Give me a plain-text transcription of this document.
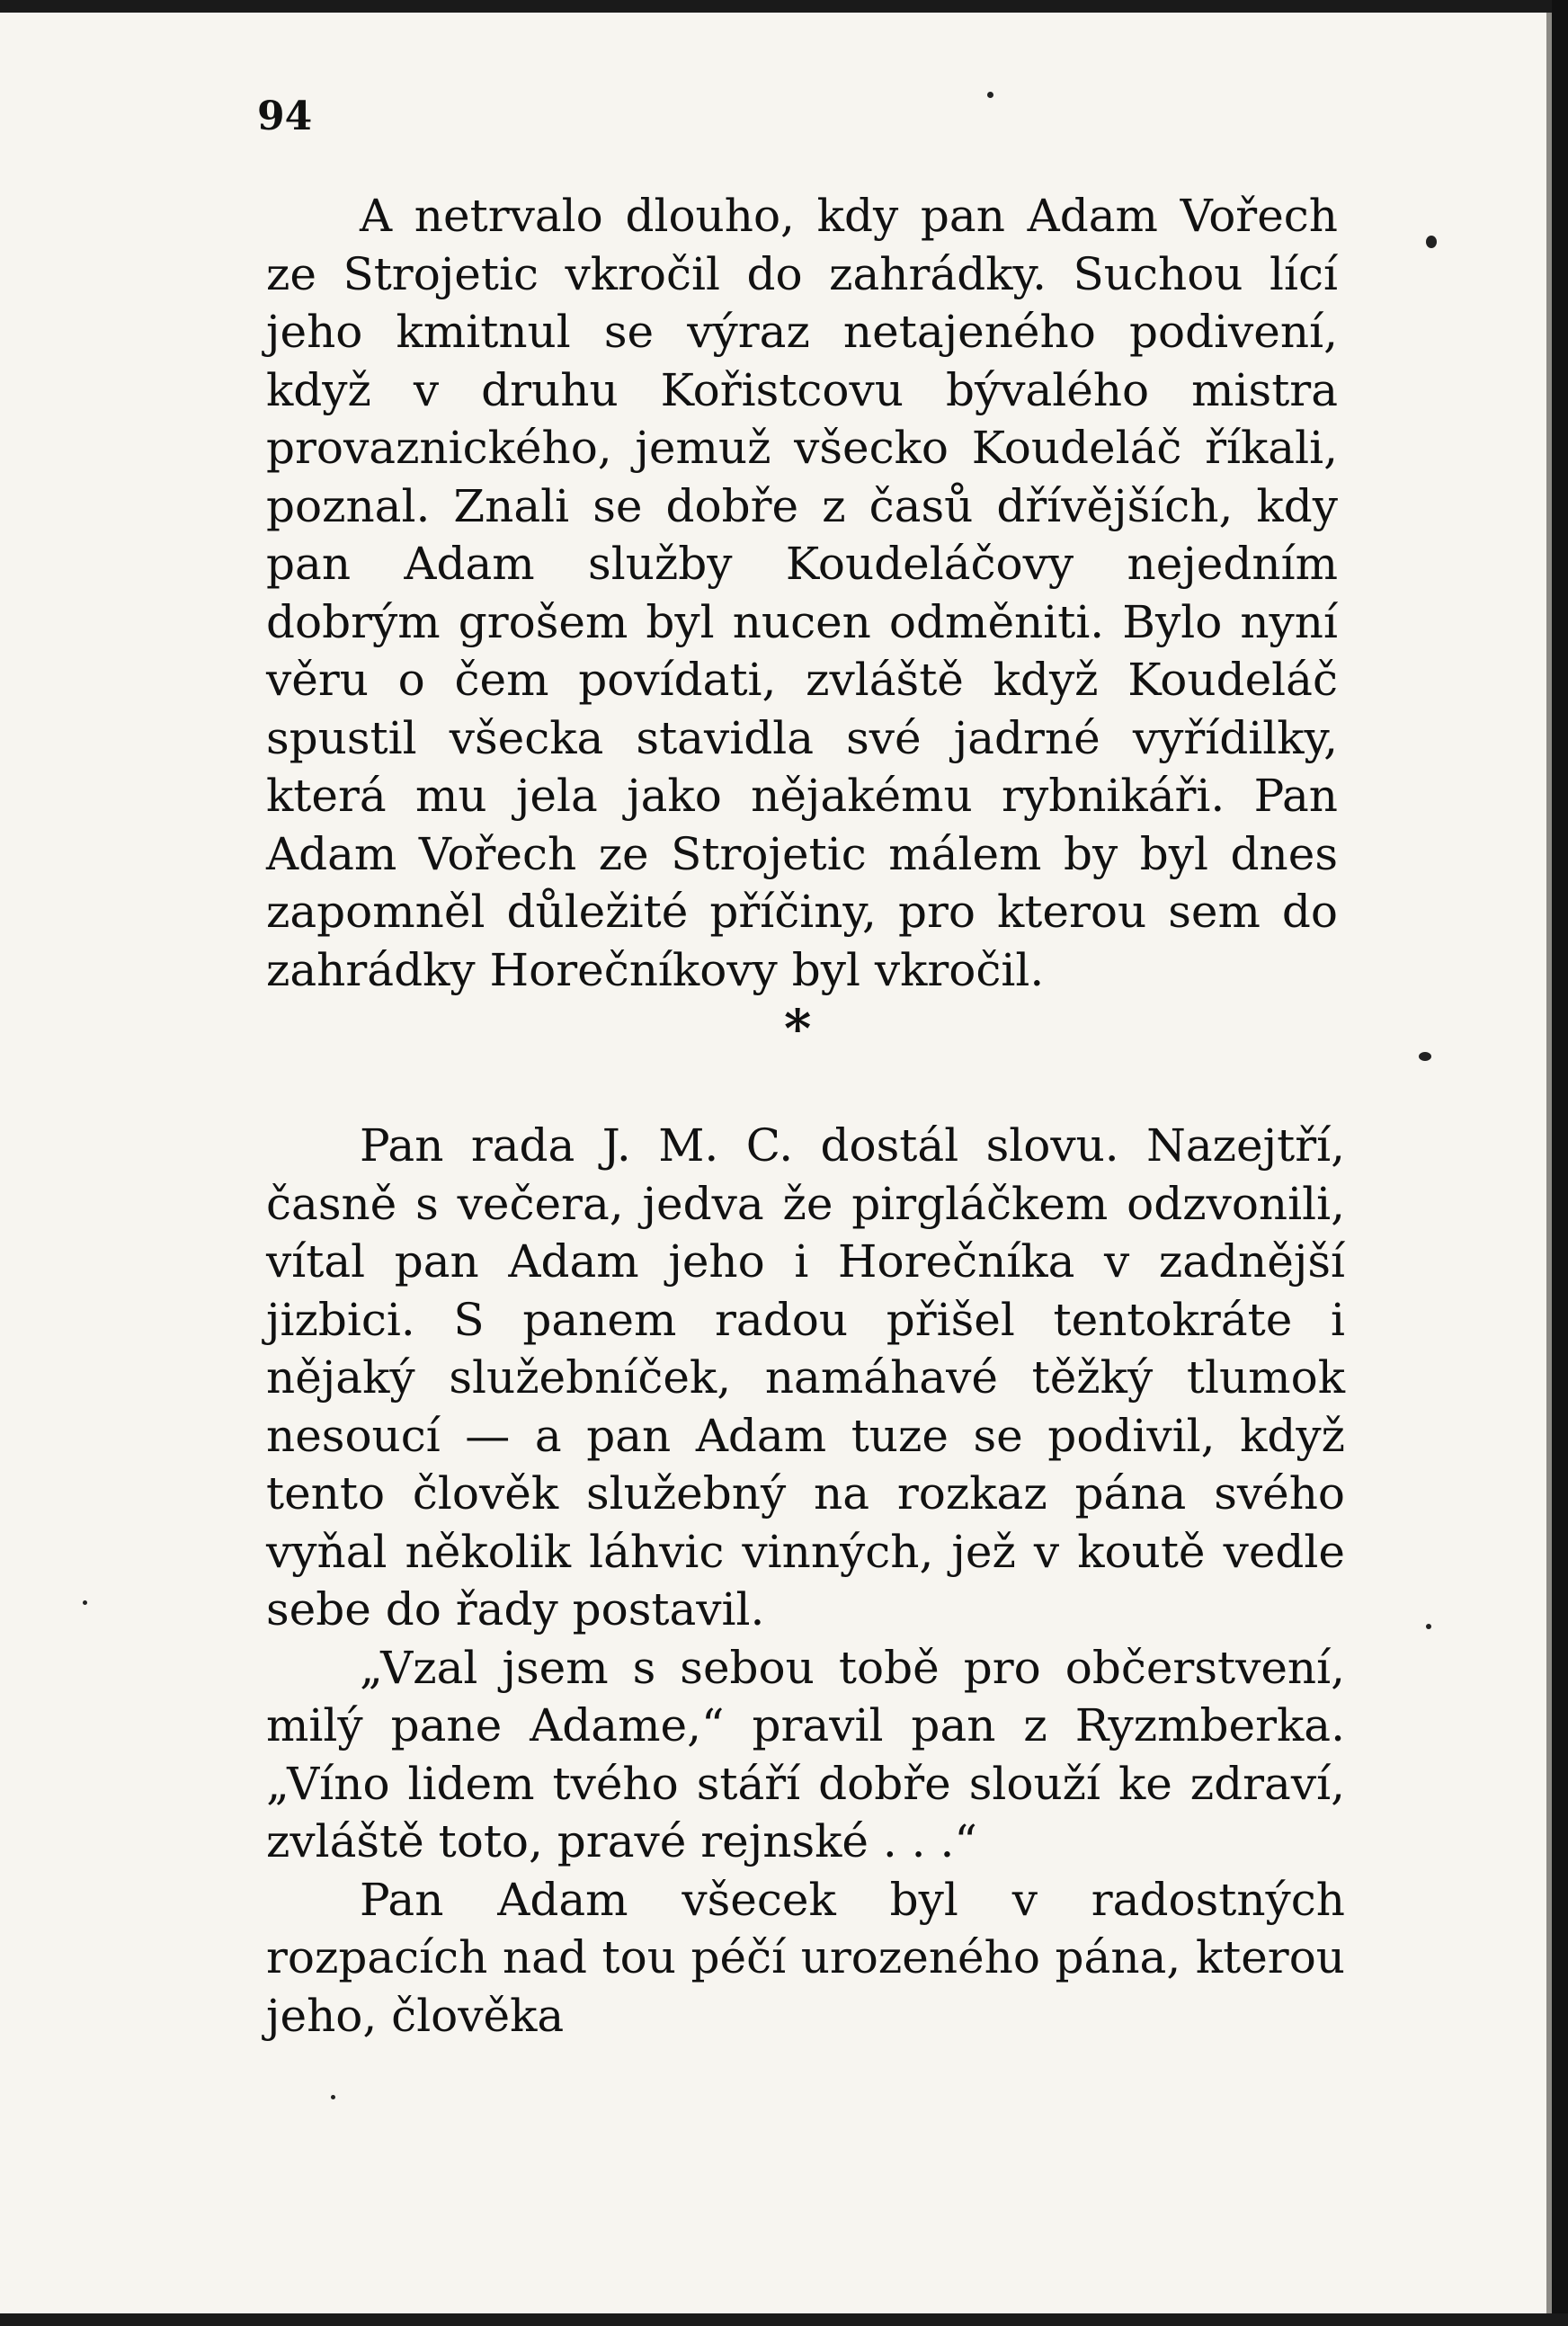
94

A netrvalo dlouho, kdy pan Adam Vořech ze Strojetic vkročil do zahrádky. Suchou lící jeho kmitnul se výraz netajeného podivení, když v druhu Kořistcovu bývalého mistra provaznického, jemuž všecko Koudeláč říkali, poznal. Znali se dobře z časů dřívějších, kdy pan Adam služby Koudeláčovy nejedním dobrým grošem byl nucen odměniti. Bylo nyní věru o čem povídati, zvláště když Koudeláč spustil všecka stavidla své jadrné vyřídilky, která mu jela jako nějakému rybnikáři. Pan Adam Vořech ze Strojetic málem by byl dnes zapomněl důležité příčiny, pro kterou sem do zahrádky Horečníkovy byl vkročil.

*

Pan rada J. M. C. dostál slovu. Nazejtří, časně s večera, jedva že pirgláčkem odzvonili, vítal pan Adam jeho i Horečníka v zadnější jizbici. S panem radou přišel tentokráte i nějaký služebníček, namáhavé těžký tlumok nesoucí — a pan Adam tuze se podivil, když tento člověk služebný na rozkaz pána svého vyňal několik láhvic vinných, jež v koutě vedle sebe do řady postavil.

„Vzal jsem s sebou tobě pro občerstvení, milý pane Adame,“ pravil pan z Ryzmberka. „Víno lidem tvého stáří dobře slouží ke zdraví, zvláště toto, pravé rejnské . . .“

Pan Adam všecek byl v radostných rozpacích nad tou péčí urozeného pána, kterou jeho, člověka
